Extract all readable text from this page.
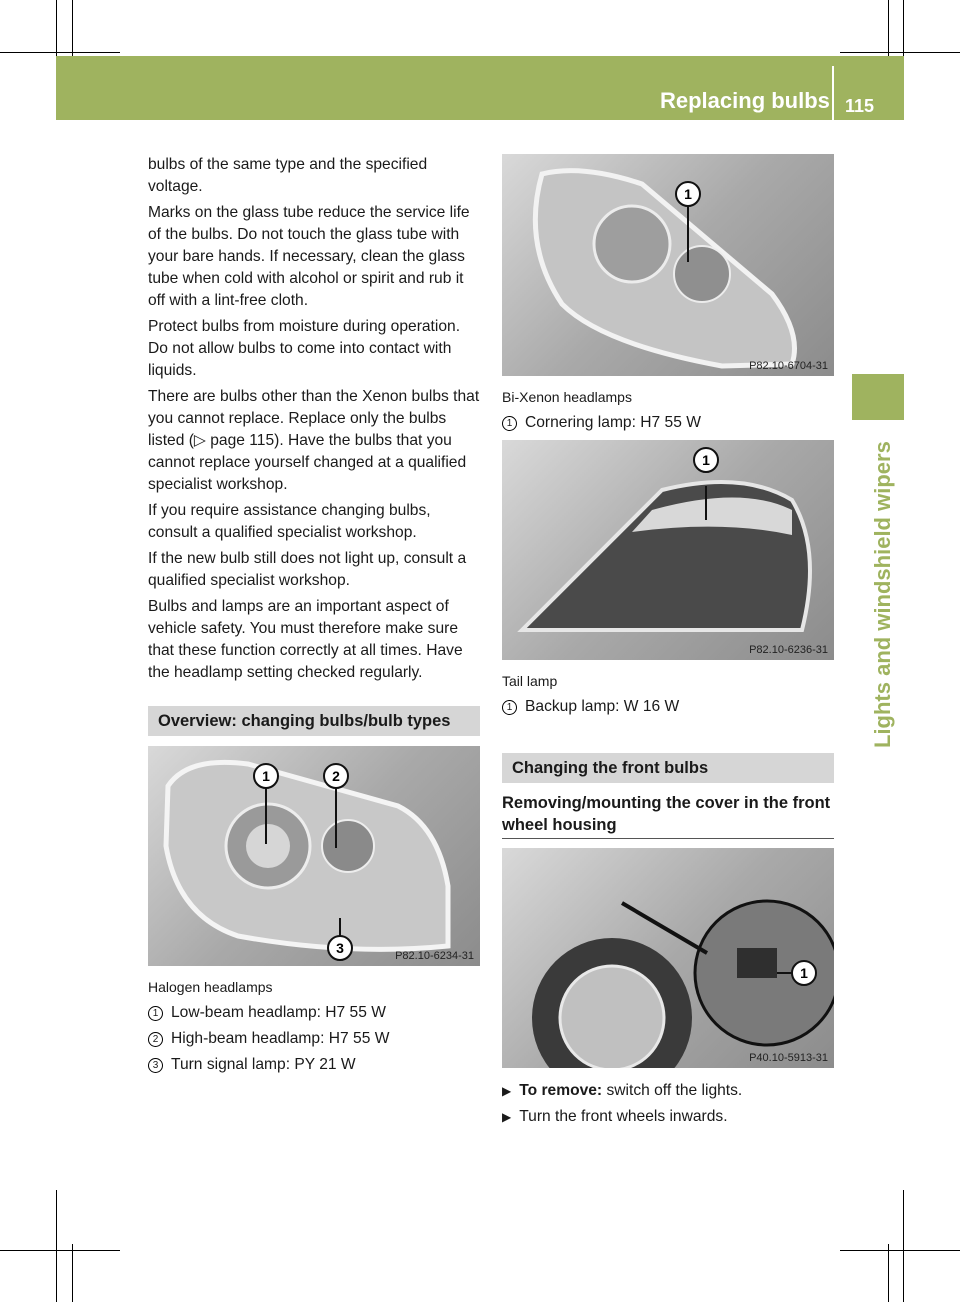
Replacing bulbs 115
Lights and windshield wipers

bulbs of the same type and the specified voltage.

Marks on the glass tube reduce the service life of the bulbs. Do not touch the glass tube with your bare hands. If necessary, clean the glass tube when cold with alcohol or spirit and rub it off with a lint-free cloth.

Protect bulbs from moisture during operation. Do not allow bulbs to come into contact with liquids.

There are bulbs other than the Xenon bulbs that you cannot replace. Replace only the bulbs listed (▷ page 115). Have the bulbs that you cannot replace yourself changed at a qualified specialist workshop.

If you require assistance changing bulbs, consult a qualified specialist workshop.

If the new bulb still does not light up, consult a qualified specialist workshop.

Bulbs and lamps are an important aspect of vehicle safety. You must therefore make sure that these function correctly at all times. Have the headlamp setting checked regularly.

Overview: changing bulbs/bulb types
1	2
3	P82.10-6234-31
Halogen headlamps
1 Low-beam headlamp: H7 55 W
2 High-beam headlamp: H7 55 W
3 Turn signal lamp: PY 21 W
1
P82.10-6704-31
Bi-Xenon headlamps
1 Cornering lamp: H7 55 W
1
P82.10-6236-31
Tail lamp
1 Backup lamp: W 16 W
Changing the front bulbs
Removing/mounting the cover in the front wheel housing
1
P40.10-5913-31
▶ To remove: switch off the lights.
▶ Turn the front wheels inwards.
